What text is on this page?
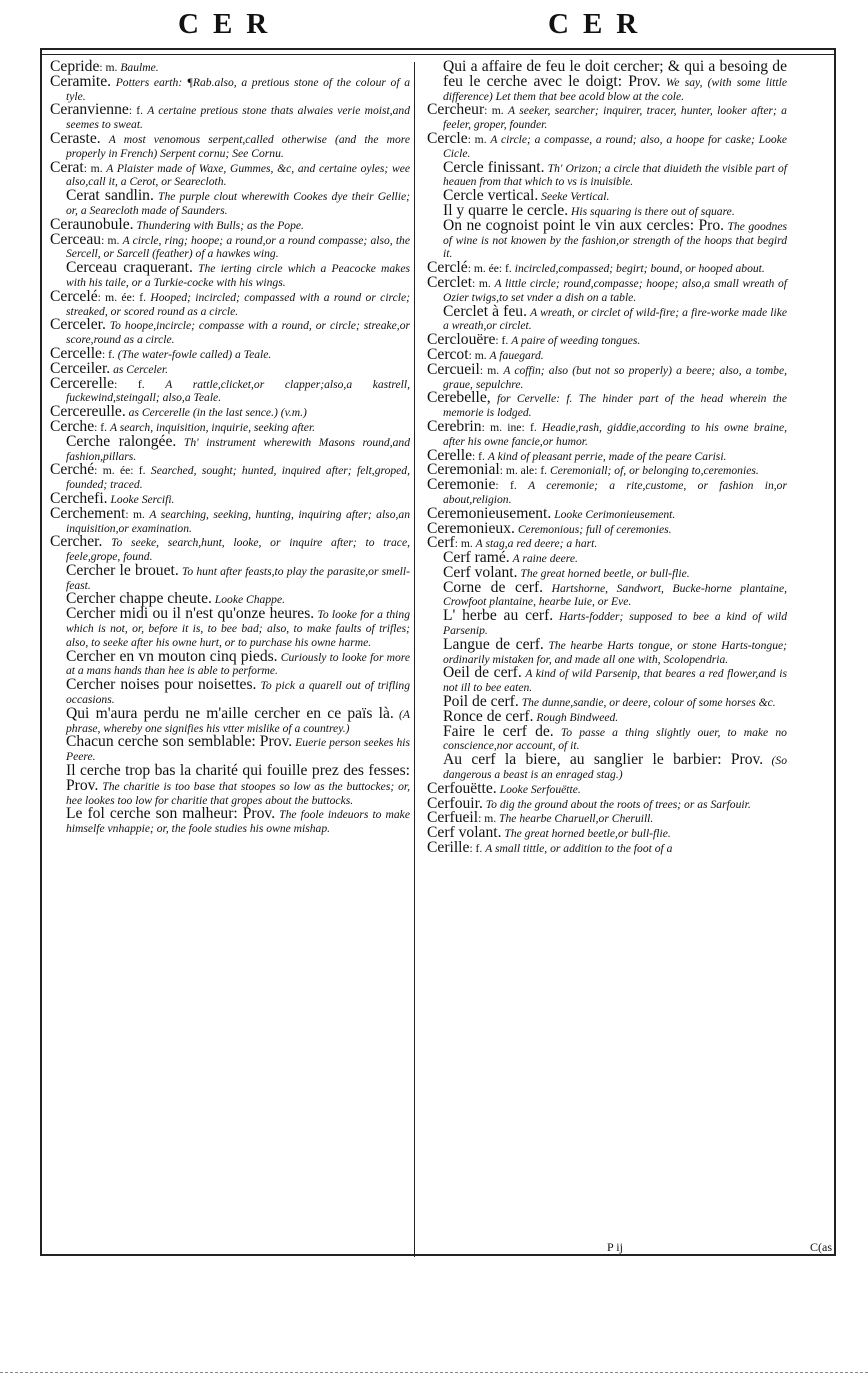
CER	CER

Cepride: m. Baulme.

Ceramite. Potters earth: ¶Rab.also, a pretious stone of the colour of a tyle.

Ceranvienne: f. A certaine pretious stone thats alwaies verie moist,and seemes to sweat.

Ceraste. A most venomous serpent,called otherwise (and the more properly in French) Serpent cornu; See Cornu.

Cerat: m. A Plaister made of Waxe, Gummes, &c, and certaine oyles; wee also,call it, a Cerot, or Searecloth.

Cerat sandlin. The purple clout wherewith Cookes dye their Gellie; or, a Searecloth made of Saunders.

Ceraunobule. Thundering with Bulls; as the Pope.

Cerceau: m. A circle, ring; hoope; a round,or a round compasse; also, the Sercell, or Sarcell (feather) of a hawkes wing.

Cerceau craquerant. The ierting circle which a Peacocke makes with his taile, or a Turkie-cocke with his wings.

Cercelé: m. ée: f. Hooped; incircled; compassed with a round or circle; streaked, or scored round as a circle.

Cerceler. To hoope,incircle; compasse with a round, or circle; streake,or score,round as a circle.

Cercelle: f. (The water-fowle called) a Teale.

Cerceiler. as Cerceler.

Cercerelle: f. A rattle,clicket,or clapper;also,a kastrell, fuckewind,steingall; also,a Teale.

Cercereulle. as Cercerelle (in the last sence.) (v.m.)

Cerche: f. A search, inquisition, inquirie, seeking after.

Cerche ralongée. Th' instrument wherewith Masons round,and fashion,pillars.

Cerché: m. ée: f. Searched, sought; hunted, inquired after; felt,groped, founded; traced.

Cerchefi. Looke Sercifi.

Cerchement: m. A searching, seeking, hunting, inquiring after; also,an inquisition,or examination.

Cercher. To seeke, search,hunt, looke, or inquire after; to trace, feele,grope, found.

Cercher le brouet. To hunt after feasts,to play the parasite,or smell-feast.

Cercher chappe cheute. Looke Chappe.

Cercher midi ou il n'est qu'onze heures. To looke for a thing which is not, or, before it is, to bee bad; also, to make faults of trifles; also, to seeke after his owne hurt, or to purchase his owne harme.

Cercher en vn mouton cinq pieds. Curiously to looke for more at a mans hands than hee is able to performe.

Cercher noises pour noisettes. To pick a quarell out of trifling occasions.

Qui m'aura perdu ne m'aille cercher en ce païs là. (A phrase, whereby one signifies his vtter mislike of a countrey.)

Chacun cerche son semblable: Prov. Euerie person seekes his Peere.

Il cerche trop bas la charité qui fouille prez des fesses: Prov. The charitie is too base that stoopes so low as the buttockes; or, hee lookes too low for charitie that gropes about the buttocks.

Le fol cerche son malheur: Prov. The foole indeuors to make himselfe vnhappie; or, the foole studies his owne mishap.

Qui a affaire de feu le doit cercher; & qui a besoing de feu le cerche avec le doigt: Prov. We say, (with some little difference) Let them that bee acold blow at the cole.

Cercheur: m. A seeker, searcher; inquirer, tracer, hunter, looker after; a feeler, groper, founder.

Cercle: m. A circle; a compasse, a round; also, a hoope for caske; Looke Cicle.

Cercle finissant. Th' Orizon; a circle that diuideth the visible part of heauen from that which to vs is inuisible.

Cercle vertical. Seeke Vertical.

Il y quarre le cercle. His squaring is there out of square.

On ne cognoist point le vin aux cercles: Pro. The goodnes of wine is not knowen by the fashion,or strength of the hoops that begird it.

Cerclé: m. ée: f. incircled,compassed; begirt; bound, or hooped about.

Cerclet: m. A little circle; round,compasse; hoope; also,a small wreath of Ozier twigs,to set vnder a dish on a table.

Cerclet à feu. A wreath, or circlet of wild-fire; a fire-worke made like a wreath,or circlet.

Cerclouëre: f. A paire of weeding tongues.

Cercot: m. A fauegard.

Cercueil: m. A coffin; also (but not so properly) a beere; also, a tombe, graue, sepulchre.

Cerebelle, for Cervelle: f. The hinder part of the head wherein the memorie is lodged.

Cerebrin: m. ine: f. Headie,rash, giddie,according to his owne braine, after his owne fancie,or humor.

Cerelle: f. A kind of pleasant perrie, made of the peare Carisi.

Ceremonial: m. ale: f. Ceremoniall; of, or belonging to,ceremonies.

Ceremonie: f. A ceremonie; a rite,custome, or fashion in,or about,religion.

Ceremonieusement. Looke Cerimonieusement.

Ceremonieux. Ceremonious; full of ceremonies.

Cerf: m. A stag,a red deere; a hart.

Cerf ramé. A raine deere.

Cerf volant. The great horned beetle, or bull-flie.

Corne de cerf. Hartshorne, Sandwort, Bucke-horne plantaine, Crowfoot plantaine, hearbe Iuie, or Eve.

L' herbe au cerf. Harts-fodder; supposed to bee a kind of wild Parsenip.

Langue de cerf. The hearbe Harts tongue, or stone Harts-tongue; ordinarily mistaken for, and made all one with, Scolopendria.

Oeil de cerf. A kind of wild Parsenip, that beares a red flower,and is not ill to bee eaten.

Poil de cerf. The dunne,sandie, or deere, colour of some horses &c.

Ronce de cerf. Rough Bindweed.

Faire le cerf de. To passe a thing slightly ouer, to make no conscience,nor account, of it.

Au cerf la biere, au sanglier le barbier: Prov. (So dangerous a beast is an enraged stag.)

Cerfouëtte. Looke Serfouëtte.

Cerfouir. To dig the ground about the roots of trees; or as Sarfouir.

Cerfueil: m. The hearbe Charuell,or Cheruill.

Cerf volant. The great horned beetle,or bull-flie.

Cerille: f. A small tittle, or addition to the foot of a

P ij	C(as
